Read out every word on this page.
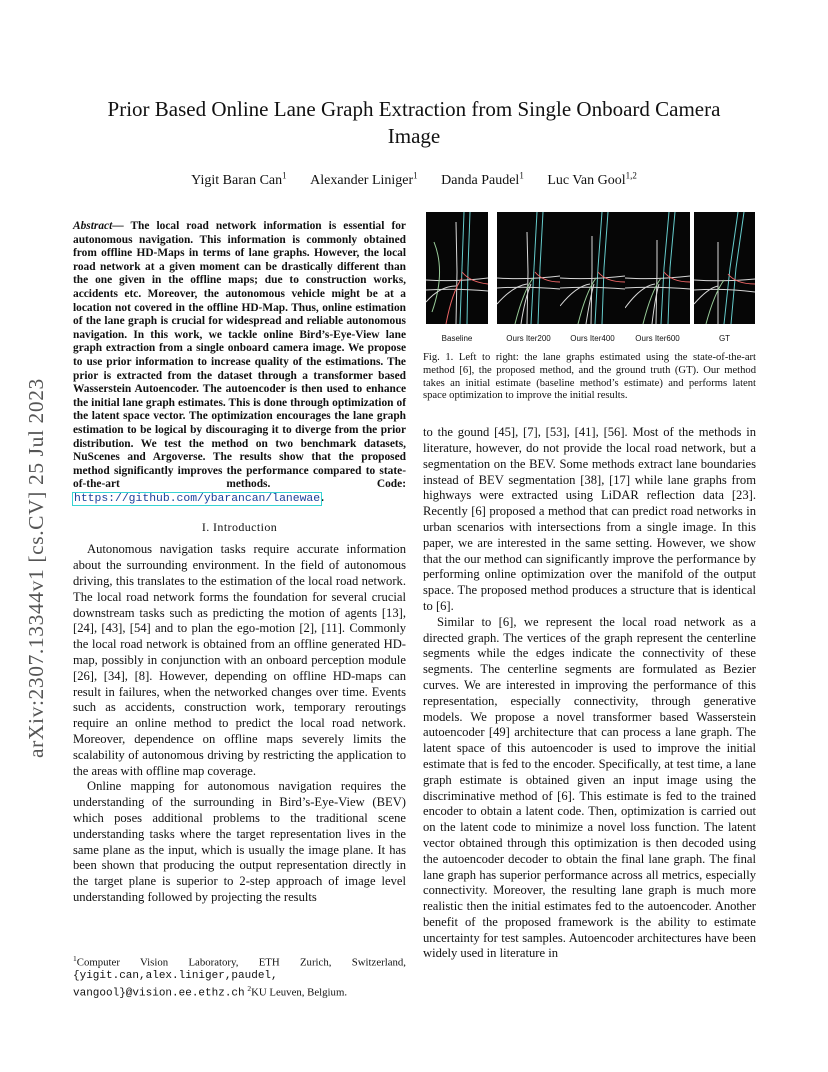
arXiv:2307.13344v1 [cs.CV] 25 Jul 2023
Prior Based Online Lane Graph Extraction from Single Onboard Camera Image
Yigit Baran Can$^1$ Alexander Liniger$^1$ Danda Paudel$^1$ Luc Van Gool$^{1,2}$

Abstract— The local road network information is essential for autonomous navigation. This information is commonly obtained from offline HD-Maps in terms of lane graphs. However, the local road network at a given moment can be drastically different than the one given in the offline maps; due to construction works, accidents etc. Moreover, the autonomous vehicle might be at a location not covered in the offline HD-Map. Thus, online estimation of the lane graph is crucial for widespread and reliable autonomous navigation. In this work, we tackle online Bird’s-Eye-View lane graph extraction from a single onboard camera image. We propose to use prior information to increase quality of the estimations. The prior is extracted from the dataset through a transformer based Wasserstein Autoencoder. The autoencoder is then used to enhance the initial lane graph estimates. This is done through optimization of the latent space vector. The optimization encourages the lane graph estimation to be logical by discouraging it to diverge from the prior distribution. We test the method on two benchmark datasets, NuScenes and Argoverse. The results show that the proposed method significantly improves the performance compared to state-of-the-art methods. Code: https://github.com/ybarancan/lanewae.

I. Introduction

Autonomous navigation tasks require accurate information about the surrounding environment. In the field of autonomous driving, this translates to the estimation of the local road network. The local road network forms the foundation for several crucial downstream tasks such as predicting the motion of agents [13], [24], [43], [54] and to plan the ego-motion [2], [11]. Commonly the local road network is obtained from an offline generated HD-map, possibly in conjunction with an onboard perception module [26], [34], [8]. However, depending on offline HD-maps can result in failures, when the networked changes over time. Events such as accidents, construction work, temporary reroutings require an online method to predict the local road network. Moreover, dependence on offline maps severely limits the scalability of autonomous driving by restricting the application to the areas with offline map coverage.

Online mapping for autonomous navigation requires the understanding of the surrounding in Bird’s-Eye-View (BEV) which poses additional problems to the traditional scene understanding tasks where the target representation lives in the same plane as the input, which is usually the image plane. It has been shown that producing the output representation directly in the target plane is superior to 2-step approach of image level understanding followed by projecting the results

$^1$Computer Vision Laboratory, ETH Zurich, Switzerland, {yigit.can,alex.liniger,paudel, vangool}@vision.ee.ethz.ch $^2$KU Leuven, Belgium.
Baseline	Ours Iter200	Ours Iter400	Ours Iter600	GT

Fig. 1. Left to right: the lane graphs estimated using the state-of-the-art method [6], the proposed method, and the ground truth (GT). Our method takes an initial estimate (baseline method’s estimate) and performs latent space optimization to improve the initial results.

to the gound [45], [7], [53], [41], [56]. Most of the methods in literature, however, do not provide the local road network, but a segmentation on the BEV. Some methods extract lane boundaries instead of BEV segmentation [38], [17] while lane graphs from highways were extracted using LiDAR reflection data [23]. Recently [6] proposed a method that can predict road networks in urban scenarios with intersections from a single image. In this paper, we are interested in the same setting. However, we show that the our method can significantly improve the performance by performing online optimization over the manifold of the output space. The proposed method produces a structure that is identical to [6].

Similar to [6], we represent the local road network as a directed graph. The vertices of the graph represent the centerline segments while the edges indicate the connectivity of these segments. The centerline segments are formulated as Bezier curves. We are interested in improving the performance of this representation, especially connectivity, through generative models. We propose a novel transformer based Wasserstein autoencoder [49] architecture that can process a lane graph. The latent space of this autoencoder is used to improve the initial estimate that is fed to the encoder. Specifically, at test time, a lane graph estimate is obtained given an input image using the discriminative method of [6]. This estimate is fed to the trained encoder to obtain a latent code. Then, optimization is carried out on the latent code to minimize a novel loss function. The latent vector obtained through this optimization is then decoded using the autoencoder decoder to obtain the final lane graph. The final lane graph has superior performance across all metrics, especially connectivity. Moreover, the resulting lane graph is much more realistic then the initial estimates fed to the autoencoder. Another benefit of the proposed framework is the ability to estimate uncertainty for test samples. Autoencoder architectures have been widely used in literature in
